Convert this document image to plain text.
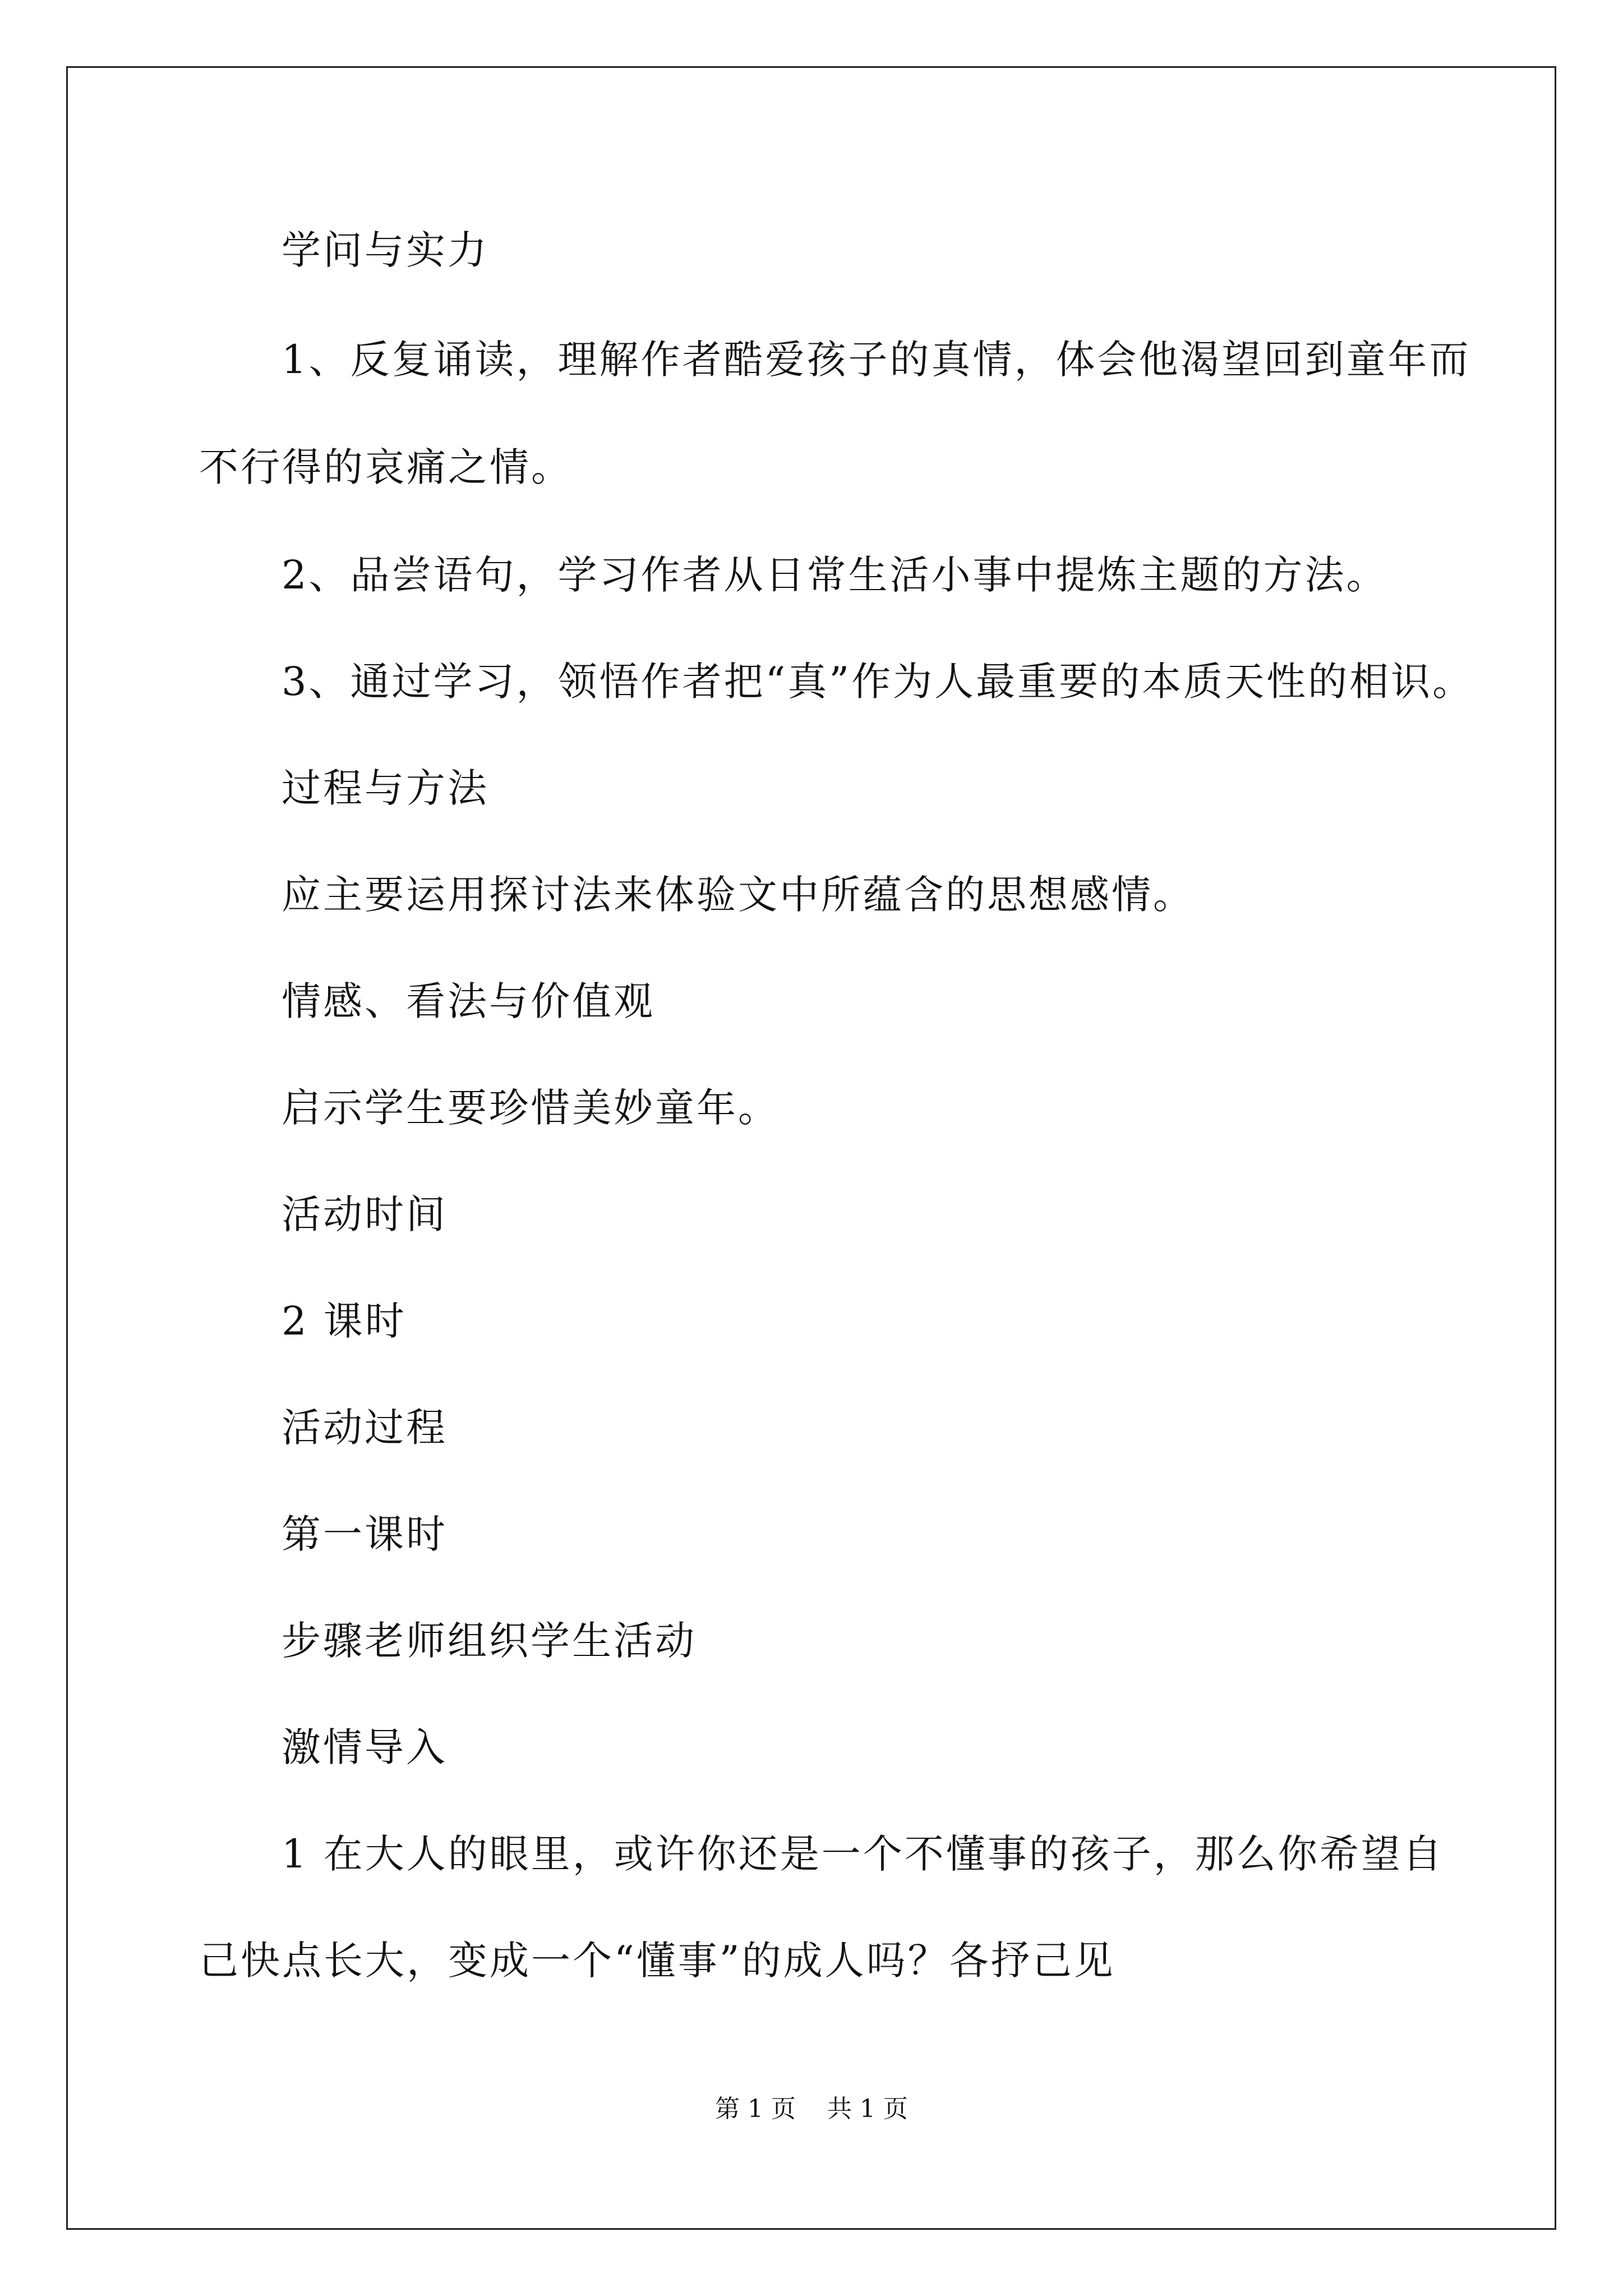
学问与实力
1、反复诵读，理解作者酷爱孩子的真情，体会他渴望回到童年而
不行得的哀痛之情。
2、品尝语句，学习作者从日常生活小事中提炼主题的方法。
3、通过学习，领悟作者把“真”作为人最重要的本质天性的相识。
过程与方法
应主要运用探讨法来体验文中所蕴含的思想感情。
情感、看法与价值观
启示学生要珍惜美妙童年。
活动时间
2 课时
活动过程
第一课时
步骤老师组织学生活动
激情导入
1 在大人的眼里，或许你还是一个不懂事的孩子，那么你希望自
己快点长大，变成一个“懂事”的成人吗？各抒己见
第 1 页    共 1 页
